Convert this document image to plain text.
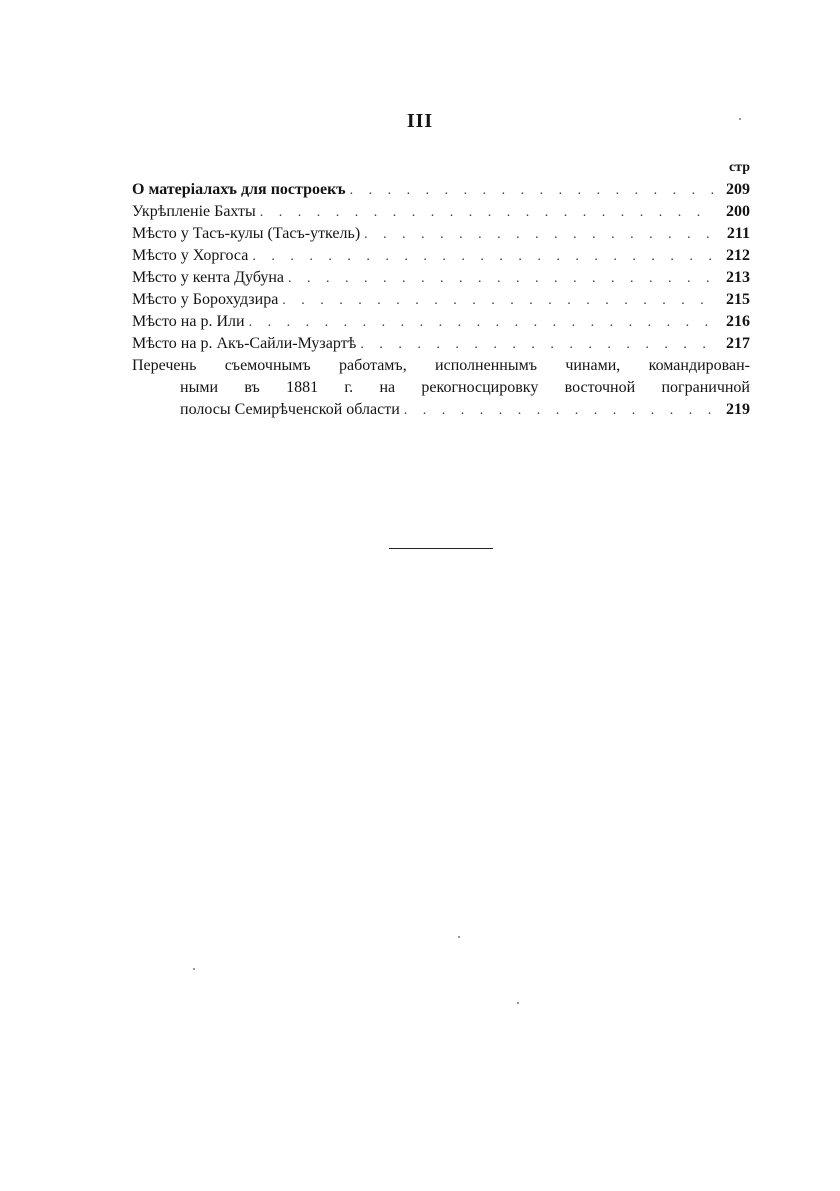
III
стр
О матеріалахъ для построекъ . . .	209
Укрѣпленіе Бахты . . .	200
Мѣсто у Тасъ-кулы (Тасъ-уткель) . . .	211
Мѣсто у Хоргоса . . .	212
Мѣсто у кента Дубуна . . .	213
Мѣсто у Борохудзира . . .	215
Мѣсто на р. Или . . .	216
Мѣсто на р. Акъ-Сайли-Музартѣ . . .	217
Перечень съемочнымъ работамъ, исполненнымъ чинами, командирован-
ными въ 1881 г. на рекогносцировку восточной пограничной
полосы Семирѣченской области . . .	219
